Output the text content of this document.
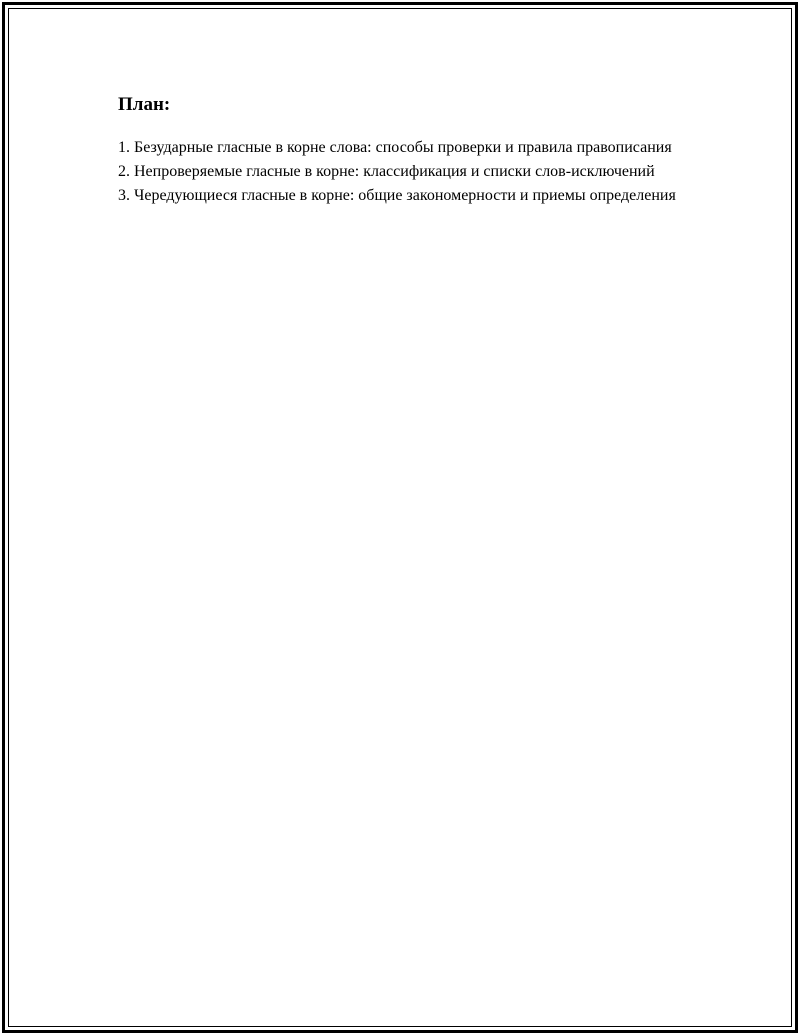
План:
1. Безударные гласные в корне слова: способы проверки и правила правописания
2. Непроверяемые гласные в корне: классификация и списки слов-исключений
3. Чередующиеся гласные в корне: общие закономерности и приемы определения
